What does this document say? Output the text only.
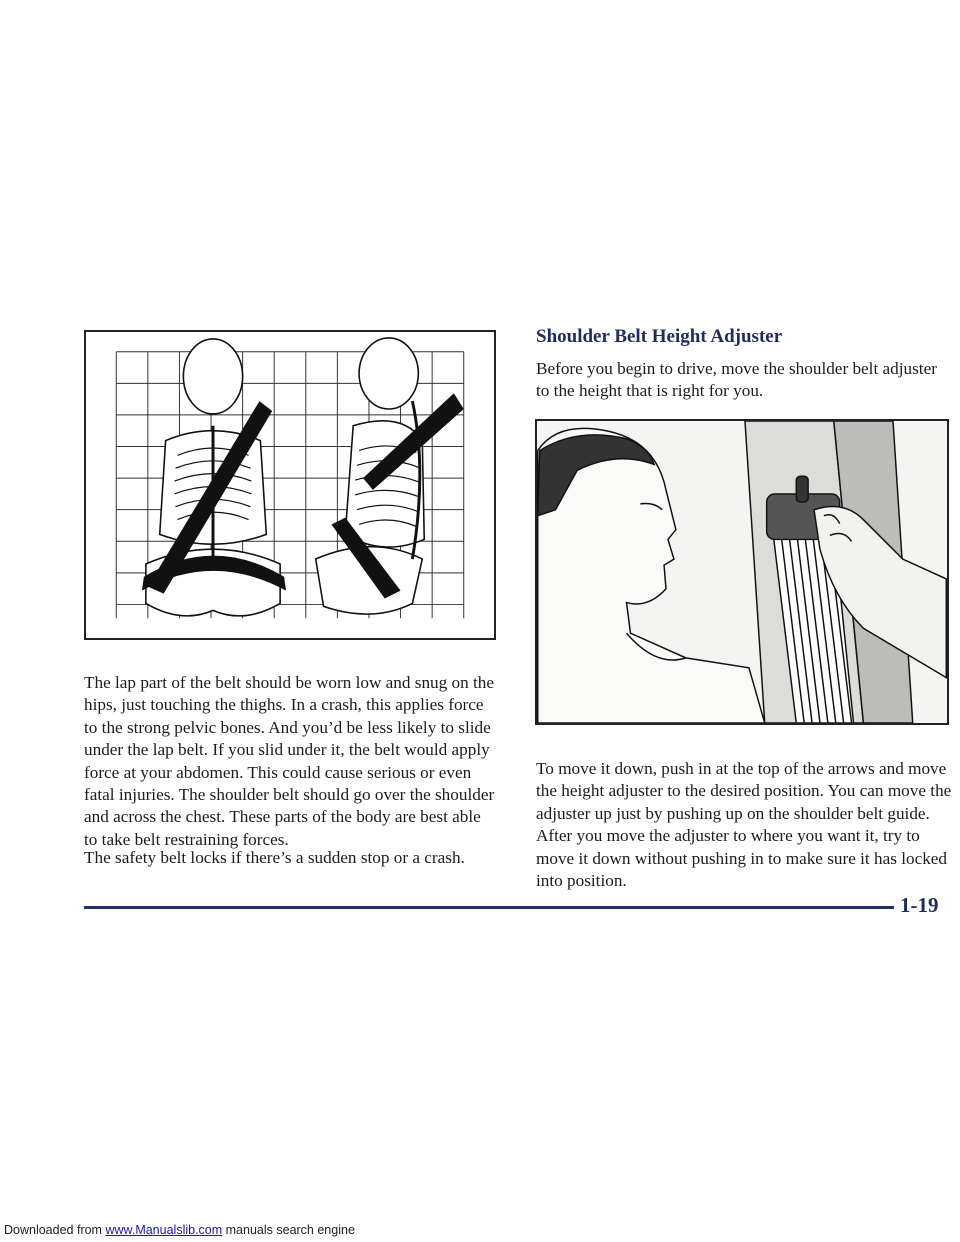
The lap part of the belt should be worn low and snug on the hips, just touching the thighs. In a crash, this applies force to the strong pelvic bones. And you’d be less likely to slide under the lap belt. If you slid under it, the belt would apply force at your abdomen. This could cause serious or even fatal injuries. The shoulder belt should go over the shoulder and across the chest. These parts of the body are best able to take belt restraining forces.

The safety belt locks if there’s a sudden stop or a crash.

Shoulder Belt Height Adjuster

Before you begin to drive, move the shoulder belt adjuster to the height that is right for you.

To move it down, push in at the top of the arrows and move the height adjuster to the desired position. You can move the adjuster up just by pushing up on the shoulder belt guide. After you move the adjuster to where you want it, try to move it down without pushing in to make sure it has locked into position.

1-19
Downloaded from www.Manualslib.com manuals search engine
